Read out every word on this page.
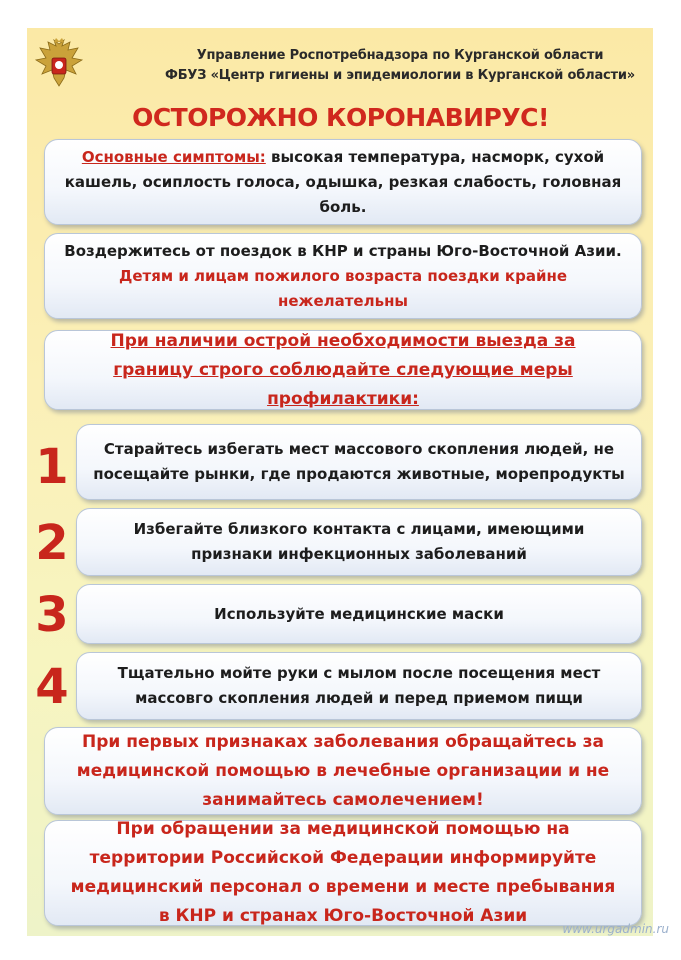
Управление Роспотребнадзора по Курганской области
ФБУЗ «Центр гигиены и эпидемиологии в Курганской области»
ОСТОРОЖНО КОРОНАВИРУС!
Основные симптомы: высокая температура, насморк, сухой кашель, осиплость голоса, одышка, резкая слабость, головная боль.
Воздержитесь от поездок в КНР и страны Юго-Восточной Азии.
Детям и лицам пожилого возраста поездки крайне нежелательны
При наличии острой необходимости выезда за границу строго соблюдайте следующие меры профилактики:
1	Старайтесь избегать мест массового скопления людей, не посещайте рынки, где продаются животные, морепродукты
2	Избегайте близкого контакта с лицами, имеющими признаки инфекционных заболеваний
3	Используйте медицинские маски
4	Тщательно мойте руки с мылом после посещения мест массовго скопления людей и перед приемом пищи
При первых признаках заболевания обращайтесь за медицинской помощью в лечебные организации и не занимайтесь самолечением!
При обращении за медицинской помощью на территории Российской Федерации информируйте медицинский персонал о времени и месте пребывания в КНР и странах Юго-Восточной Азии
www.urgadmin.ru
